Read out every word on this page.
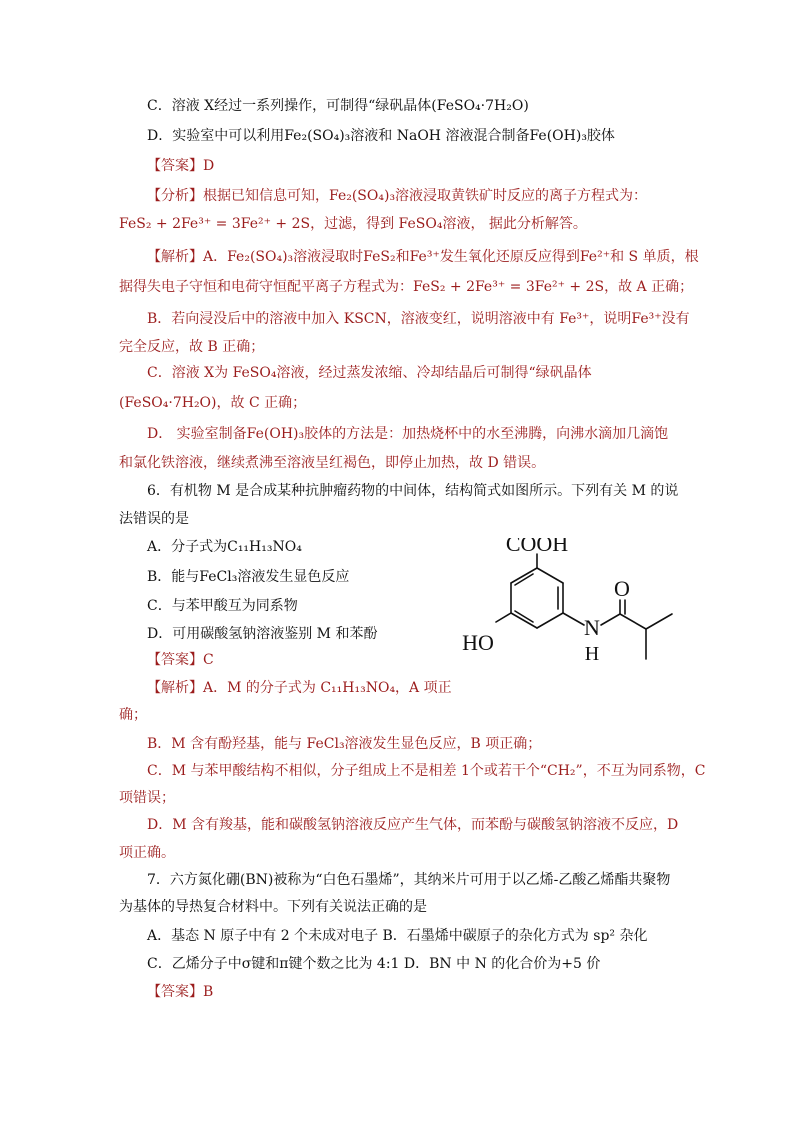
C．溶液 X经过一系列操作，可制得“绿矾晶体(FeSO₄·7H₂O)
D．实验室中可以利用Fe₂(SO₄)₃溶液和 NaOH 溶液混合制备Fe(OH)₃胶体
【答案】D
【分析】根据已知信息可知，Fe₂(SO₄)₃溶液浸取黄铁矿时反应的离子方程式为：
FeS₂ + 2Fe³⁺ = 3Fe²⁺ + 2S，过滤，得到 FeSO₄溶液， 据此分析解答。
【解析】A．Fe₂(SO₄)₃溶液浸取时FeS₂和Fe³⁺发生氧化还原反应得到Fe²⁺和 S 单质，根
据得失电子守恒和电荷守恒配平离子方程式为：FeS₂ + 2Fe³⁺ = 3Fe²⁺ + 2S，故 A 正确；
B．若向浸没后中的溶液中加入 KSCN，溶液变红，说明溶液中有 Fe³⁺，说明Fe³⁺没有
完全反应，故 B 正确；
C．溶液 X为 FeSO₄溶液，经过蒸发浓缩、冷却结晶后可制得“绿矾晶体
(FeSO₄·7H₂O)，故 C 正确；
D． 实验室制备Fe(OH)₃胶体的方法是：加热烧杯中的水至沸腾，向沸水滴加几滴饱
和氯化铁溶液，继续煮沸至溶液呈红褐色，即停止加热，故 D 错误。
6．有机物 M 是合成某种抗肿瘤药物的中间体，结构简式如图所示。下列有关 M 的说
法错误的是
A．分子式为C₁₁H₁₃NO₄
B．能与FeCl₃溶液发生显色反应
C．与苯甲酸互为同系物
D．可用碳酸氢钠溶液鉴别 M 和苯酚
【答案】C
【解析】A．M 的分子式为 C₁₁H₁₃NO₄，A 项正
确；
B．M 含有酚羟基，能与 FeCl₃溶液发生显色反应，B 项正确；
C．M 与苯甲酸结构不相似，分子组成上不是相差 1个或若干个“CH₂”，不互为同系物，C
项错误；
D．M 含有羧基，能和碳酸氢钠溶液反应产生气体，而苯酚与碳酸氢钠溶液不反应，D
项正确。
7．六方氮化硼(BN)被称为“白色石墨烯”，其纳米片可用于以乙烯-乙酸乙烯酯共聚物
为基体的导热复合材料中。下列有关说法正确的是
A．基态 N 原子中有 2 个未成对电子 B．石墨烯中碳原子的杂化方式为 sp² 杂化
C．乙烯分子中σ键和π键个数之比为 4:1 D．BN 中 N 的化合价为+5 价
【答案】B
COOH
HO
N
H
O
